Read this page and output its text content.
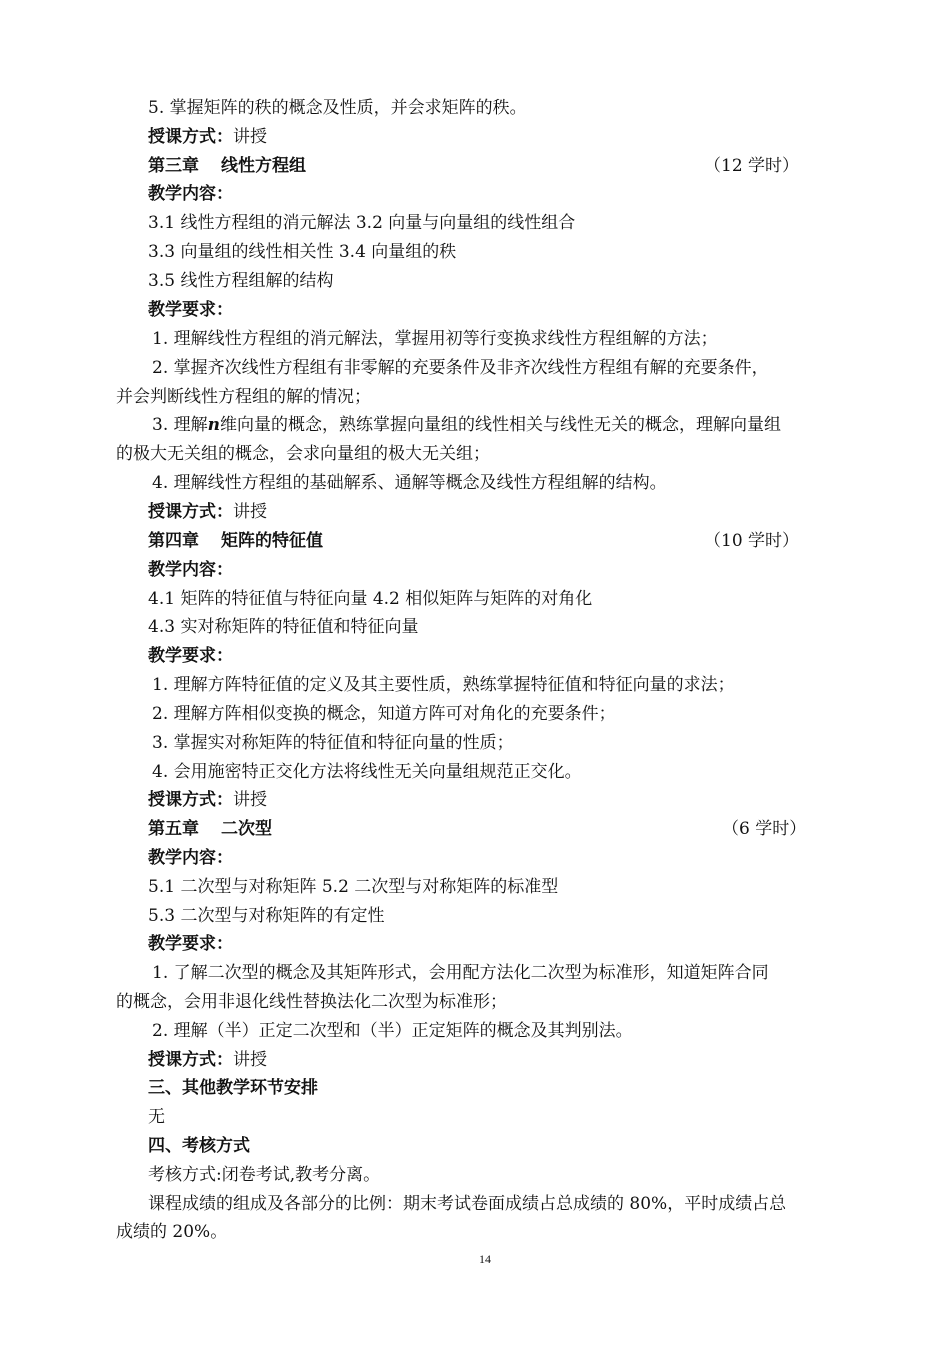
5. 掌握矩阵的秩的概念及性质，并会求矩阵的秩。
授课方式：讲授
第三章 线性方程组	（12 学时）
教学内容：
3.1 线性方程组的消元解法 3.2 向量与向量组的线性组合
3.3 向量组的线性相关性 3.4 向量组的秩
3.5 线性方程组解的结构
教学要求：
1. 理解线性方程组的消元解法，掌握用初等行变换求线性方程组解的方法；
2. 掌握齐次线性方程组有非零解的充要条件及非齐次线性方程组有解的充要条件，
并会判断线性方程组的解的情况；
3. 理解n维向量的概念，熟练掌握向量组的线性相关与线性无关的概念，理解向量组
的极大无关组的概念，会求向量组的极大无关组；
4. 理解线性方程组的基础解系、通解等概念及线性方程组解的结构。
授课方式：讲授
第四章 矩阵的特征值	（10 学时）
教学内容：
4.1 矩阵的特征值与特征向量 4.2 相似矩阵与矩阵的对角化
4.3 实对称矩阵的特征值和特征向量
教学要求：
1. 理解方阵特征值的定义及其主要性质，熟练掌握特征值和特征向量的求法；
2. 理解方阵相似变换的概念，知道方阵可对角化的充要条件；
3. 掌握实对称矩阵的特征值和特征向量的性质；
4. 会用施密特正交化方法将线性无关向量组规范正交化。
授课方式：讲授
第五章 二次型	（6 学时）
教学内容：
5.1 二次型与对称矩阵 5.2 二次型与对称矩阵的标准型
5.3 二次型与对称矩阵的有定性
教学要求：
1. 了解二次型的概念及其矩阵形式，会用配方法化二次型为标准形，知道矩阵合同
的概念，会用非退化线性替换法化二次型为标准形；
2. 理解（半）正定二次型和（半）正定矩阵的概念及其判别法。
授课方式：讲授
三、其他教学环节安排
无
四、考核方式
考核方式:闭卷考试,教考分离。
课程成绩的组成及各部分的比例：期末考试卷面成绩占总成绩的 80%，平时成绩占总
成绩的 20%。
14
